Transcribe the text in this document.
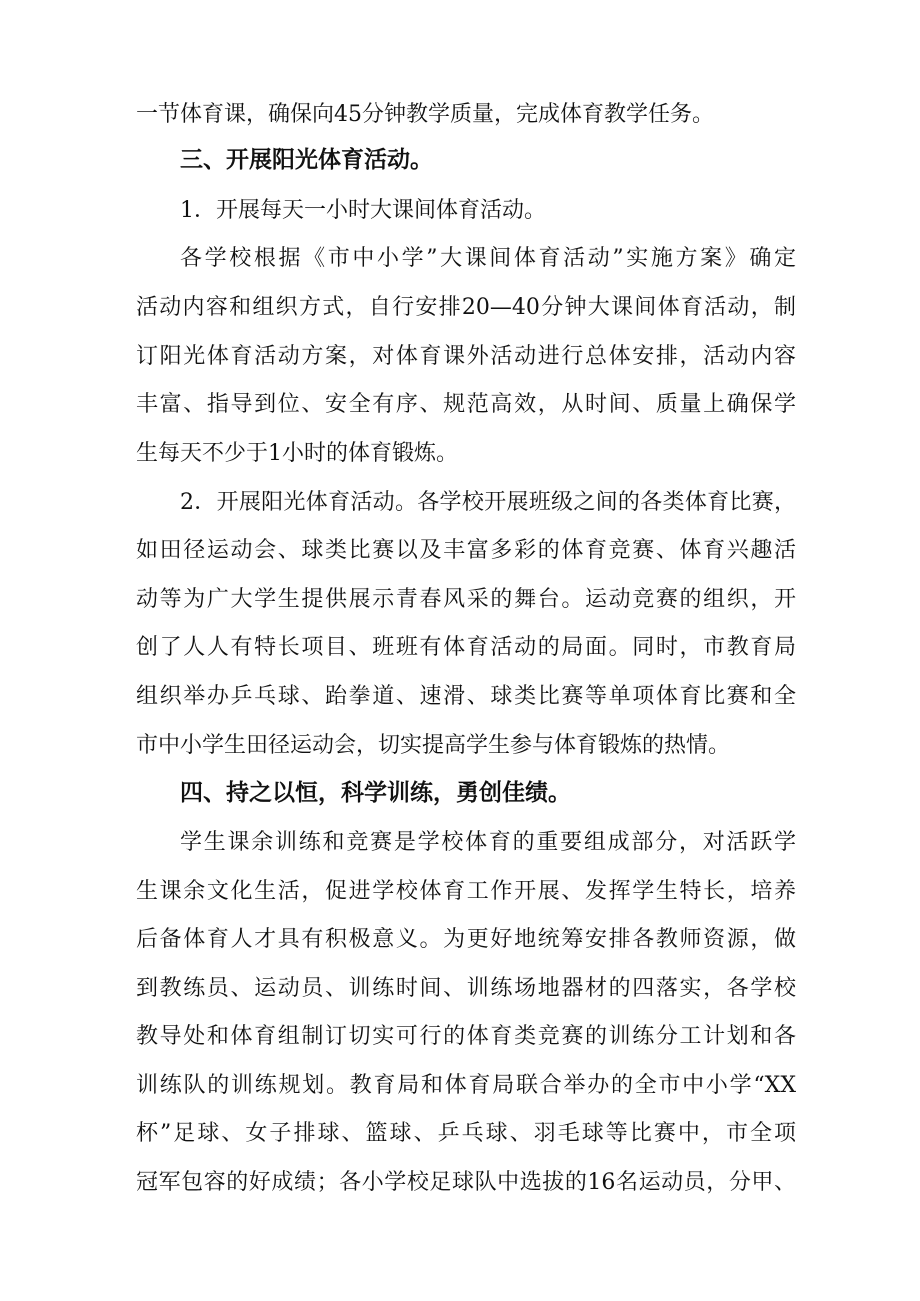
一节体育课，确保向45分钟教学质量，完成体育教学任务。
三、开展阳光体育活动。
1．开展每天一小时大课间体育活动。
各学校根据《市中小学”大课间体育活动”实施方案》确定
活动内容和组织方式，自行安排20—40分钟大课间体育活动，制
订阳光体育活动方案，对体育课外活动进行总体安排，活动内容
丰富、指导到位、安全有序、规范高效，从时间、质量上确保学
生每天不少于1小时的体育锻炼。
2．开展阳光体育活动。各学校开展班级之间的各类体育比赛，
如田径运动会、球类比赛以及丰富多彩的体育竞赛、体育兴趣活
动等为广大学生提供展示青春风采的舞台。运动竞赛的组织，开
创了人人有特长项目、班班有体育活动的局面。同时，市教育局
组织举办乒乓球、跆拳道、速滑、球类比赛等单项体育比赛和全
市中小学生田径运动会，切实提高学生参与体育锻炼的热情。
四、持之以恒，科学训练，勇创佳绩。
学生课余训练和竞赛是学校体育的重要组成部分，对活跃学
生课余文化生活，促进学校体育工作开展、发挥学生特长，培养
后备体育人才具有积极意义。为更好地统筹安排各教师资源，做
到教练员、运动员、训练时间、训练场地器材的四落实，各学校
教导处和体育组制订切实可行的体育类竞赛的训练分工计划和各
训练队的训练规划。教育局和体育局联合举办的全市中小学“XX
杯”足球、女子排球、篮球、乒乓球、羽毛球等比赛中，市全项
冠军包容的好成绩；各小学校足球队中选拔的16名运动员，分甲、
